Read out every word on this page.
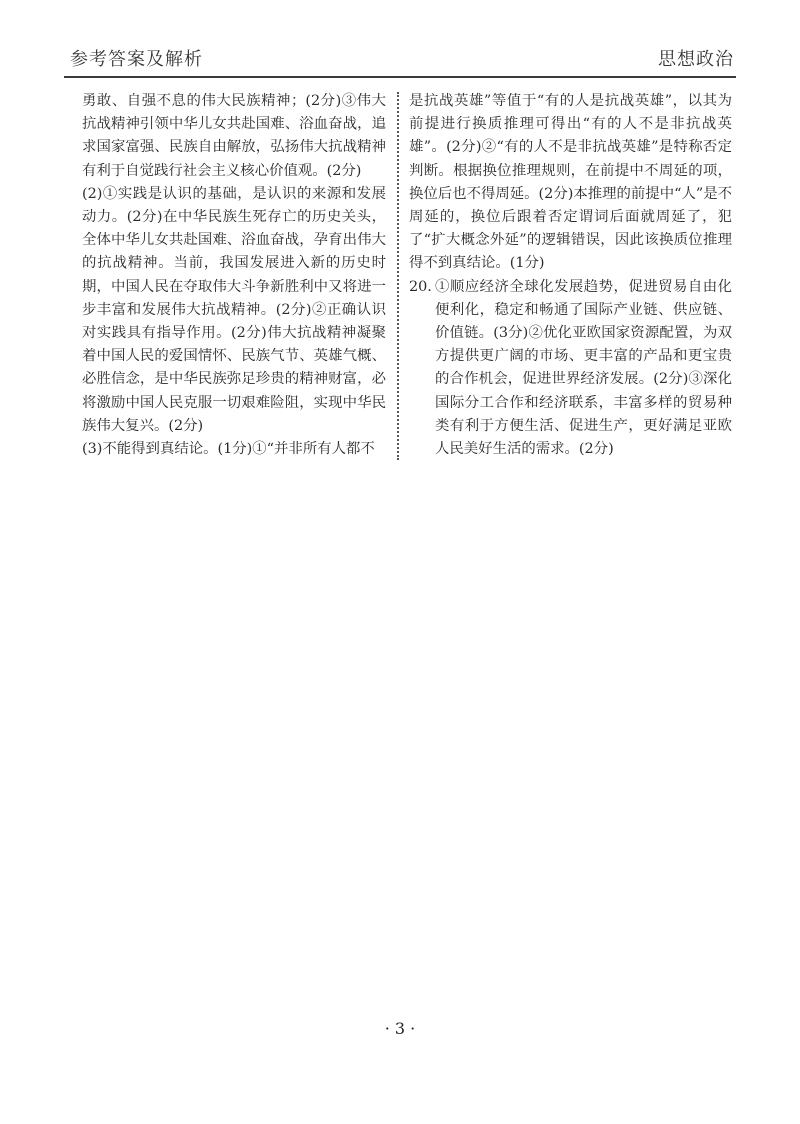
参考答案及解析	思想政治

勇敢、自强不息的伟大民族精神；(2分)③伟大抗战精神引领中华儿女共赴国难、浴血奋战，追求国家富强、民族自由解放，弘扬伟大抗战精神有利于自觉践行社会主义核心价值观。(2分)

(2)①实践是认识的基础，是认识的来源和发展动力。(2分)在中华民族生死存亡的历史关头，全体中华儿女共赴国难、浴血奋战，孕育出伟大的抗战精神。当前，我国发展进入新的历史时期，中国人民在夺取伟大斗争新胜利中又将进一步丰富和发展伟大抗战精神。(2分)②正确认识对实践具有指导作用。(2分)伟大抗战精神凝聚着中国人民的爱国情怀、民族气节、英雄气概、必胜信念，是中华民族弥足珍贵的精神财富，必将激励中国人民克服一切艰难险阻，实现中华民族伟大复兴。(2分)

(3)不能得到真结论。(1分)①“并非所有人都不

是抗战英雄”等值于“有的人是抗战英雄”，以其为前提进行换质推理可得出“有的人不是非抗战英雄”。(2分)②“有的人不是非抗战英雄”是特称否定判断。根据换位推理规则，在前提中不周延的项，换位后也不得周延。(2分)本推理的前提中“人”是不周延的，换位后跟着否定谓词后面就周延了，犯了“扩大概念外延”的逻辑错误，因此该换质位推理得不到真结论。(1分)

20. ①顺应经济全球化发展趋势，促进贸易自由化便利化，稳定和畅通了国际产业链、供应链、价值链。(3分)②优化亚欧国家资源配置，为双方提供更广阔的市场、更丰富的产品和更宝贵的合作机会，促进世界经济发展。(2分)③深化国际分工合作和经济联系，丰富多样的贸易种类有利于方便生活、促进生产，更好满足亚欧人民美好生活的需求。(2分)

· 3 ·
